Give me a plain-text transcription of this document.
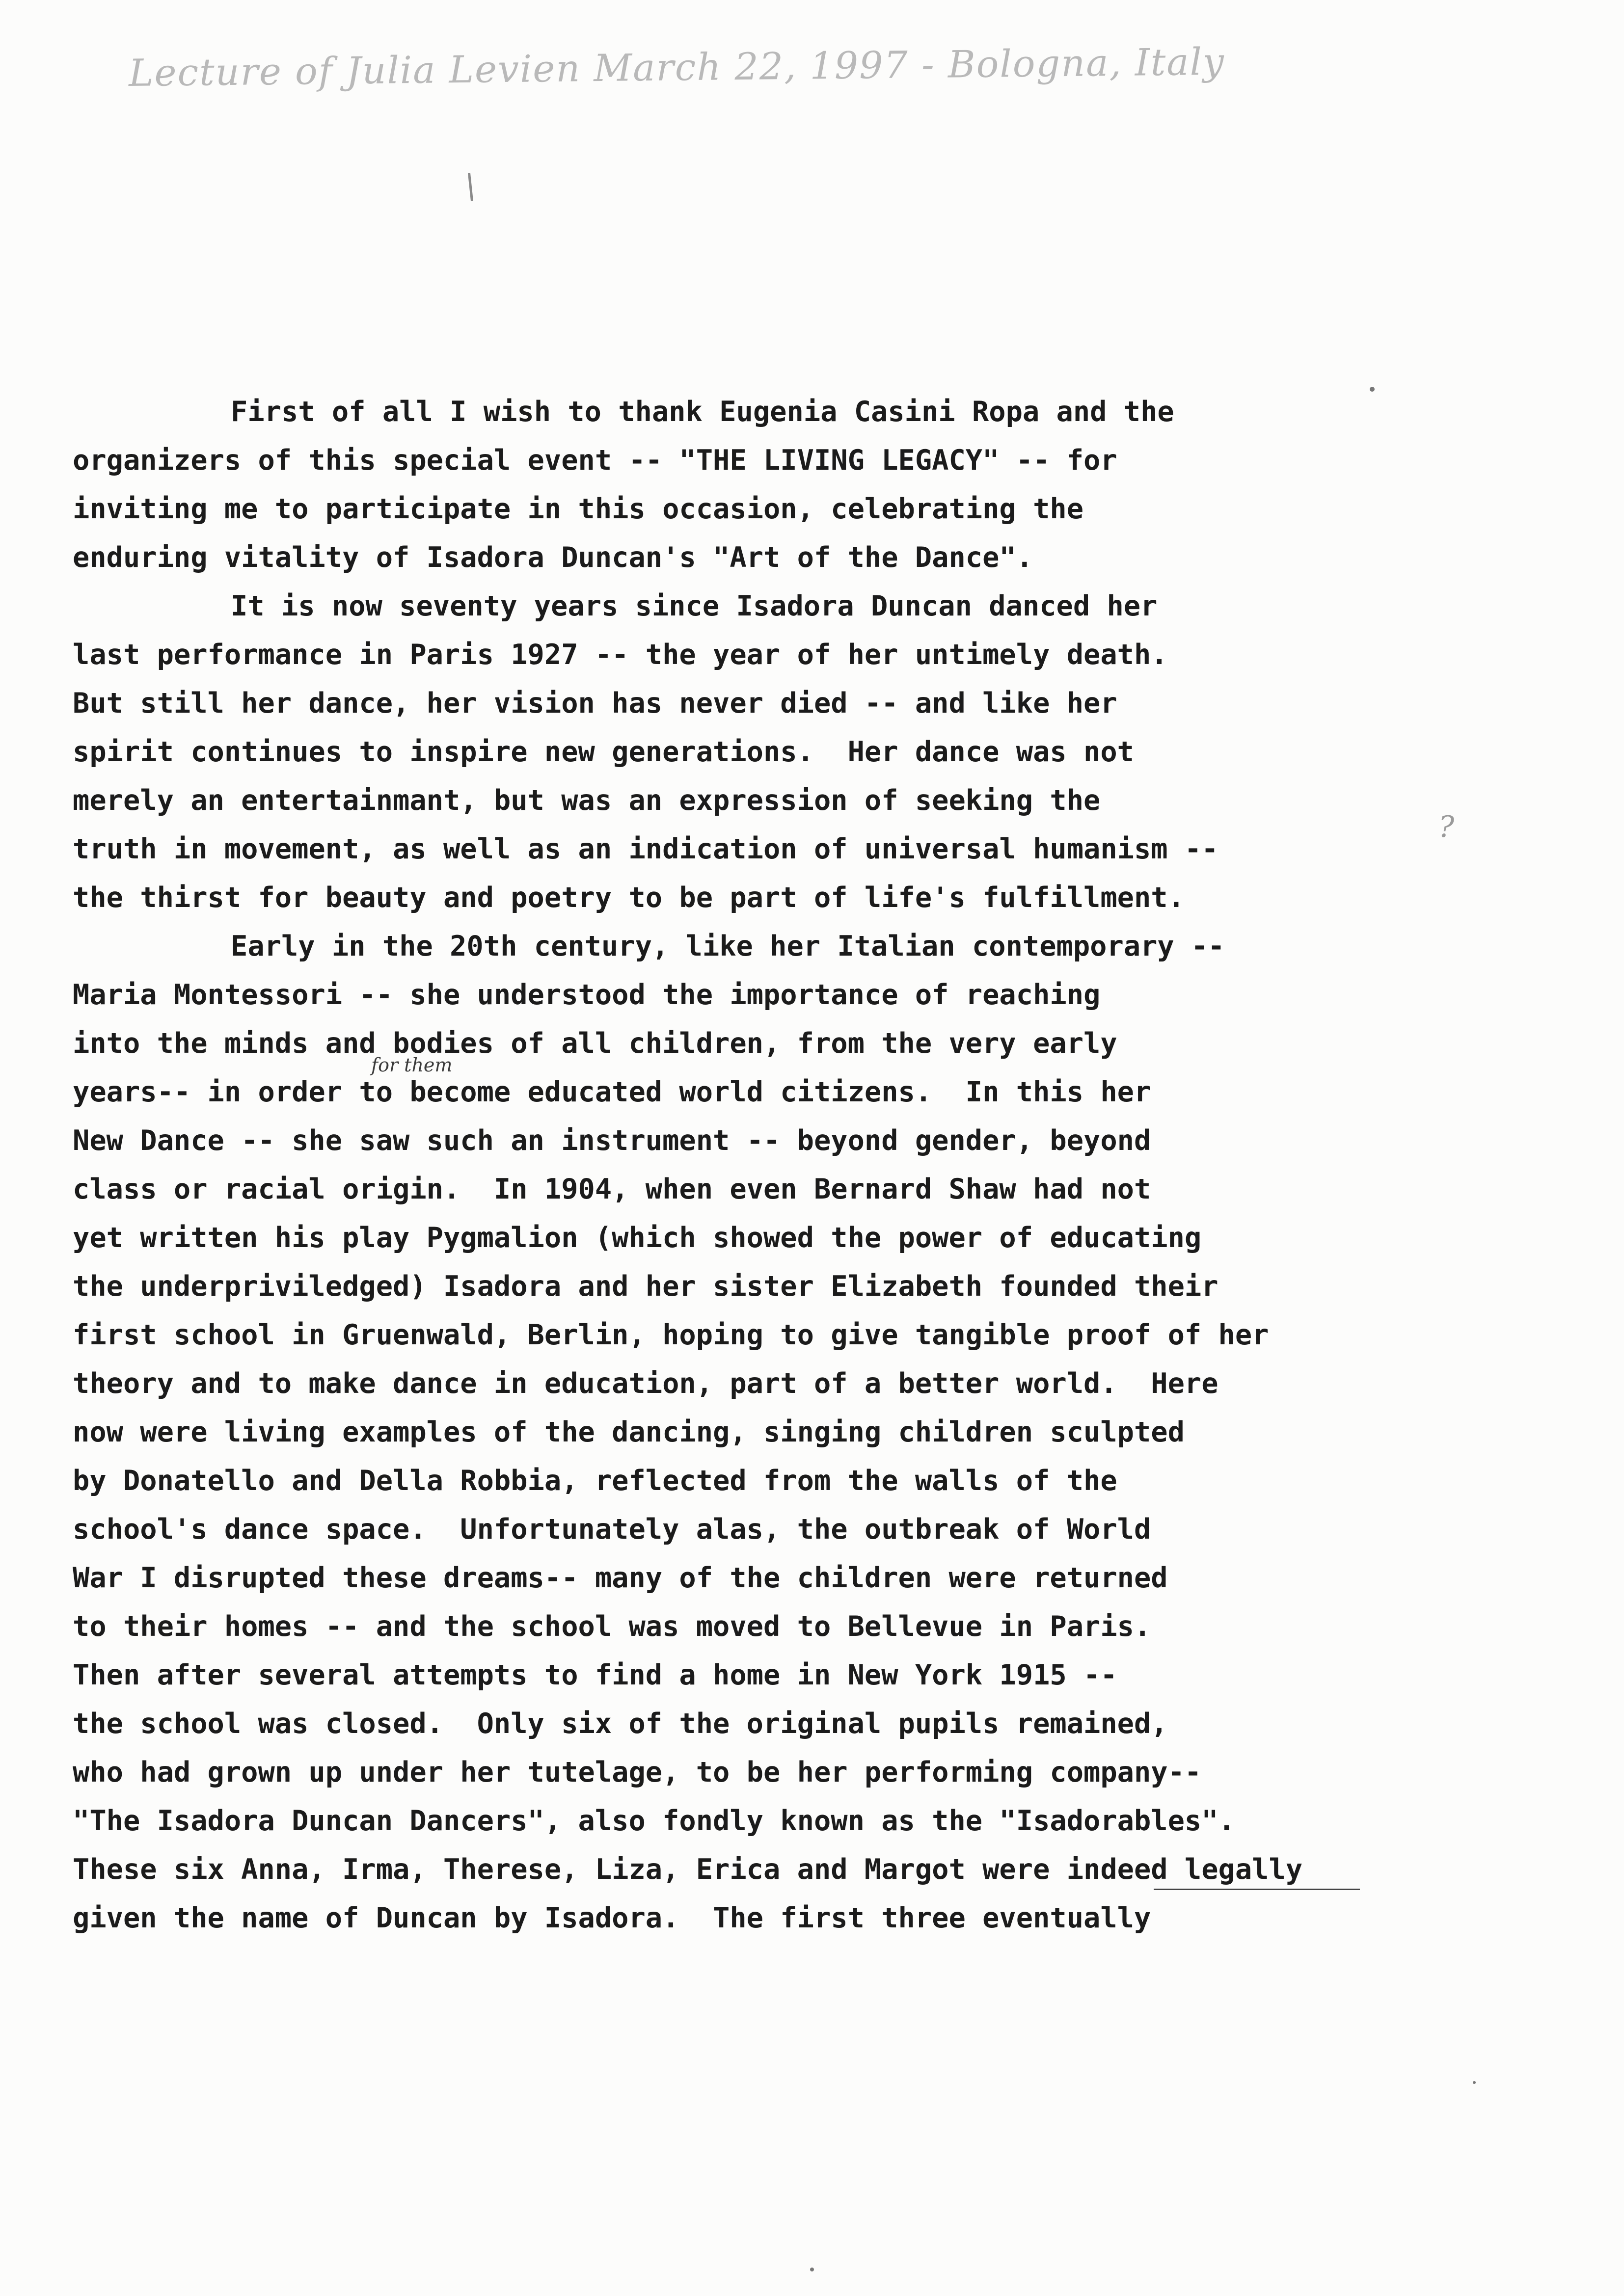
Lecture of Julia Levien March 22, 1997 - Bologna, Italy
First of all I wish to thank Eugenia Casini Ropa and the
organizers of this special event -- "THE LIVING LEGACY" -- for
inviting me to participate in this occasion, celebrating the
enduring vitality of Isadora Duncan's "Art of the Dance".
It is now seventy years since Isadora Duncan danced her
last performance in Paris 1927 -- the year of her untimely death.
But still her dance, her vision has never died -- and like her
spirit continues to inspire new generations.  Her dance was not
merely an entertainmant, but was an expression of seeking the
truth in movement, as well as an indication of universal humanism --
the thirst for beauty and poetry to be part of life's fulfillment.
Early in the 20th century, like her Italian contemporary --
Maria Montessori -- she understood the importance of reaching
into the minds and bodies of all children, from the very early
years-- in order to become educated world citizens.  In this her
New Dance -- she saw such an instrument -- beyond gender, beyond
class or racial origin.  In 1904, when even Bernard Shaw had not
yet written his play Pygmalion (which showed the power of educating
the underpriviledged) Isadora and her sister Elizabeth founded their
first school in Gruenwald, Berlin, hoping to give tangible proof of her
theory and to make dance in education, part of a better world.  Here
now were living examples of the dancing, singing children sculpted
by Donatello and Della Robbia, reflected from the walls of the
school's dance space.  Unfortunately alas, the outbreak of World
War I disrupted these dreams-- many of the children were returned
to their homes -- and the school was moved to Bellevue in Paris.
Then after several attempts to find a home in New York 1915 --
the school was closed.  Only six of the original pupils remained,
who had grown up under her tutelage, to be her performing company--
"The Isadora Duncan Dancers", also fondly known as the "Isadorables".
These six Anna, Irma, Therese, Liza, Erica and Margot were indeed legally
given the name of Duncan by Isadora.  The first three eventually
for them
?
